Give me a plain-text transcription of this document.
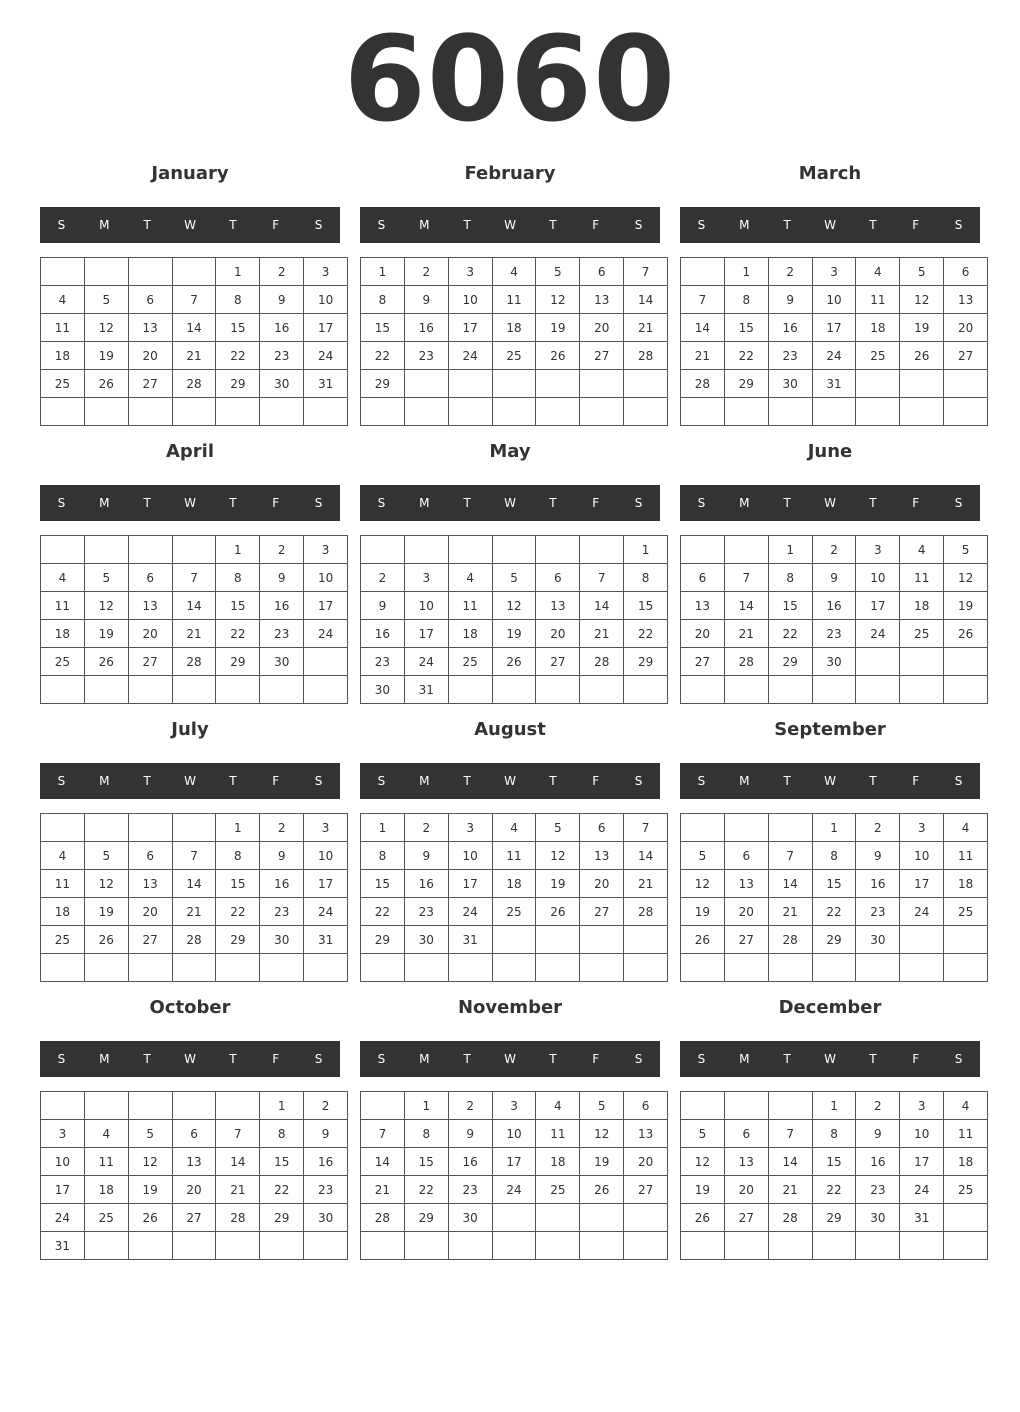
6060
January
S	M	T	W	T	F	S
				1	2	3
4	5	6	7	8	9	10
11	12	13	14	15	16	17
18	19	20	21	22	23	24
25	26	27	28	29	30	31

February
S	M	T	W	T	F	S
1	2	3	4	5	6	7
8	9	10	11	12	13	14
15	16	17	18	19	20	21
22	23	24	25	26	27	28
29						

March
S	M	T	W	T	F	S
	1	2	3	4	5	6
7	8	9	10	11	12	13
14	15	16	17	18	19	20
21	22	23	24	25	26	27
28	29	30	31			

April
S	M	T	W	T	F	S
				1	2	3
4	5	6	7	8	9	10
11	12	13	14	15	16	17
18	19	20	21	22	23	24
25	26	27	28	29	30	

May
S	M	T	W	T	F	S
						1
2	3	4	5	6	7	8
9	10	11	12	13	14	15
16	17	18	19	20	21	22
23	24	25	26	27	28	29
30	31					
June
S	M	T	W	T	F	S
		1	2	3	4	5
6	7	8	9	10	11	12
13	14	15	16	17	18	19
20	21	22	23	24	25	26
27	28	29	30			

July
S	M	T	W	T	F	S
				1	2	3
4	5	6	7	8	9	10
11	12	13	14	15	16	17
18	19	20	21	22	23	24
25	26	27	28	29	30	31

August
S	M	T	W	T	F	S
1	2	3	4	5	6	7
8	9	10	11	12	13	14
15	16	17	18	19	20	21
22	23	24	25	26	27	28
29	30	31				

September
S	M	T	W	T	F	S
			1	2	3	4
5	6	7	8	9	10	11
12	13	14	15	16	17	18
19	20	21	22	23	24	25
26	27	28	29	30		

October
S	M	T	W	T	F	S
					1	2
3	4	5	6	7	8	9
10	11	12	13	14	15	16
17	18	19	20	21	22	23
24	25	26	27	28	29	30
31						
November
S	M	T	W	T	F	S
	1	2	3	4	5	6
7	8	9	10	11	12	13
14	15	16	17	18	19	20
21	22	23	24	25	26	27
28	29	30				

December
S	M	T	W	T	F	S
			1	2	3	4
5	6	7	8	9	10	11
12	13	14	15	16	17	18
19	20	21	22	23	24	25
26	27	28	29	30	31	
